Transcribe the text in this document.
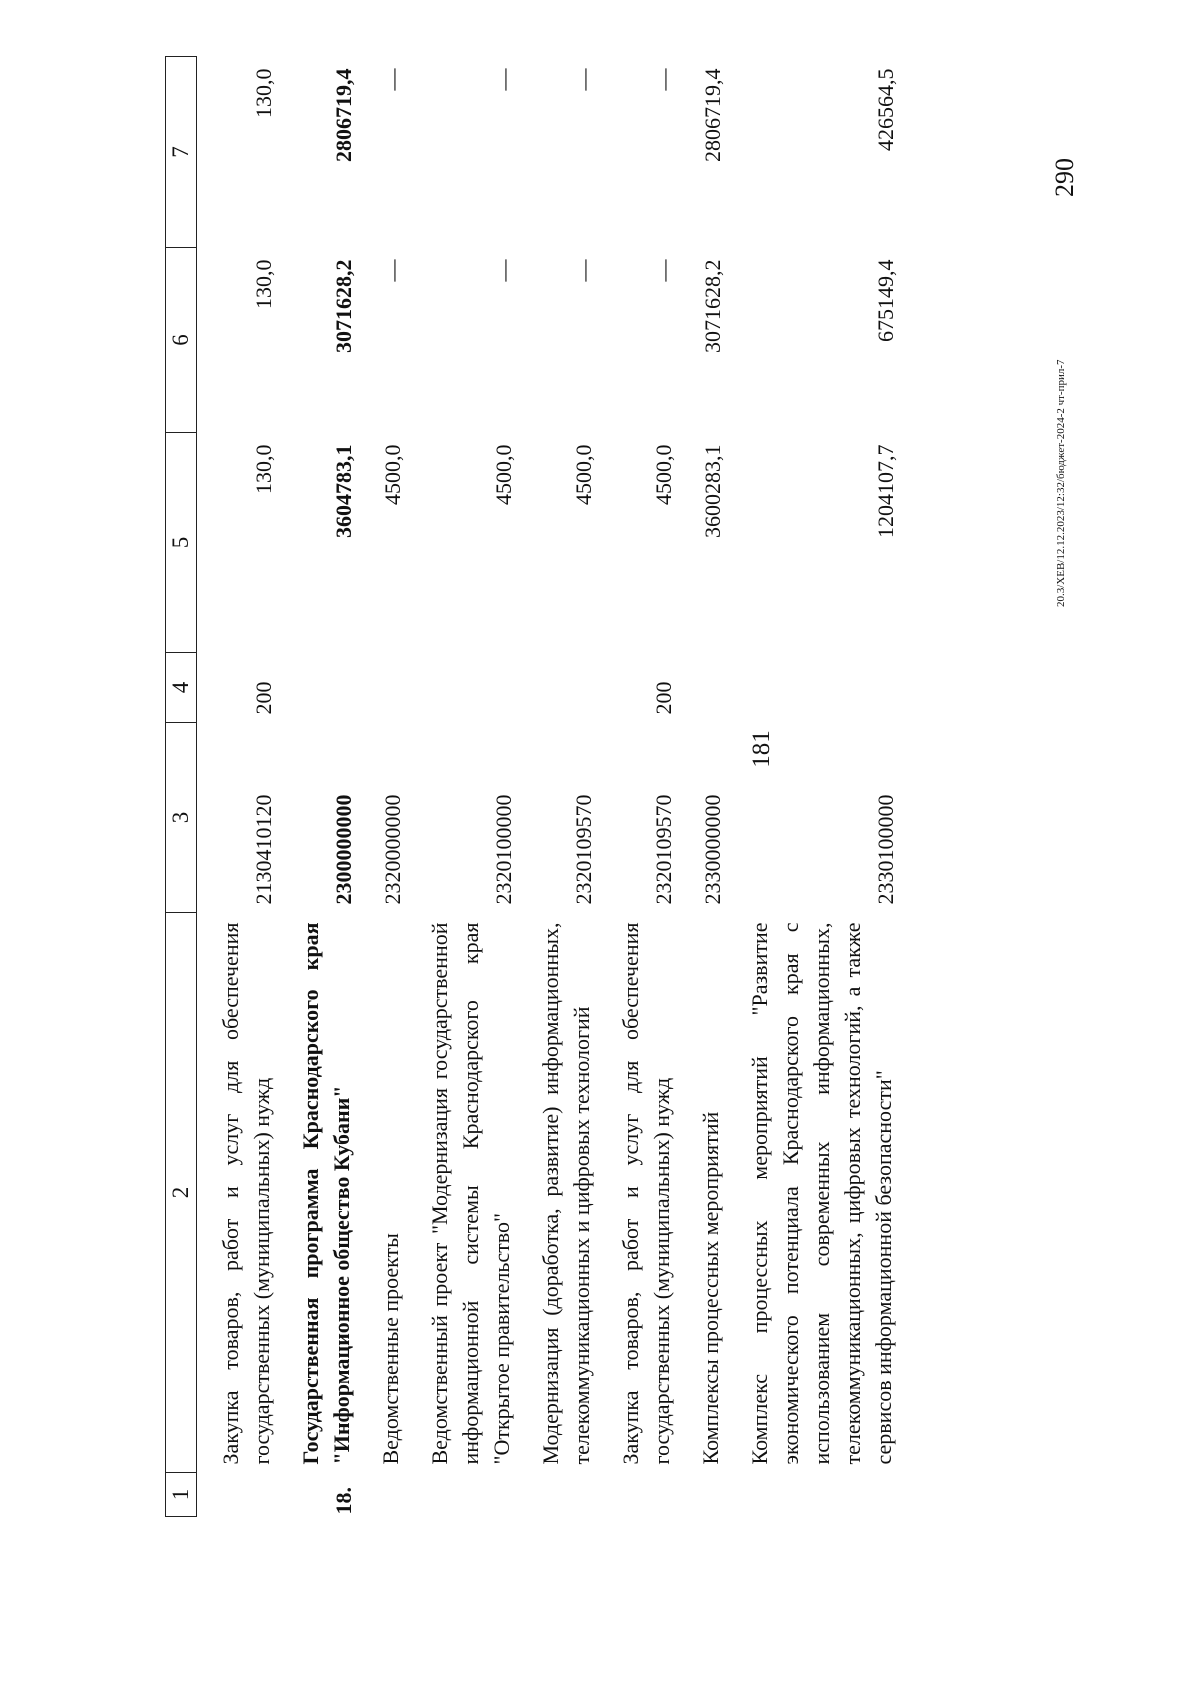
181
1	2	3	4	5	6	7
	Закупка товаров, работ и услуг для обеспечения государственных (муниципальных) нужд	2130410120	200	130,0	130,0	130,0
18.	Государственная программа Краснодарского края "Информационное общество Кубани"	2300000000		3604783,1	3071628,2	2806719,4
	Ведомственные проекты	2320000000		4500,0	—	—
	Ведомственный проект "Модернизация государственной информационной системы Краснодарского края "Открытое правительство"	2320100000		4500,0	—	—
	Модернизация (доработка, развитие) информационных, телекоммуникационных и цифровых технологий	2320109570		4500,0	—	—
	Закупка товаров, работ и услуг для обеспечения государственных (муниципальных) нужд	2320109570	200	4500,0	—	—
	Комплексы процессных мероприятий	2330000000		3600283,1	3071628,2	2806719,4
	Комплекс процессных мероприятий "Развитие экономического потенциала Краснодарского края с использованием современных информационных, телекоммуникационных, цифровых технологий, а также сервисов информационной безопасности"	2330100000		1204107,7	675149,4	426564,5
20.3/ХЕВ/12.12.2023/12:32/бюджет-2024-2 чт-прил-7
290
